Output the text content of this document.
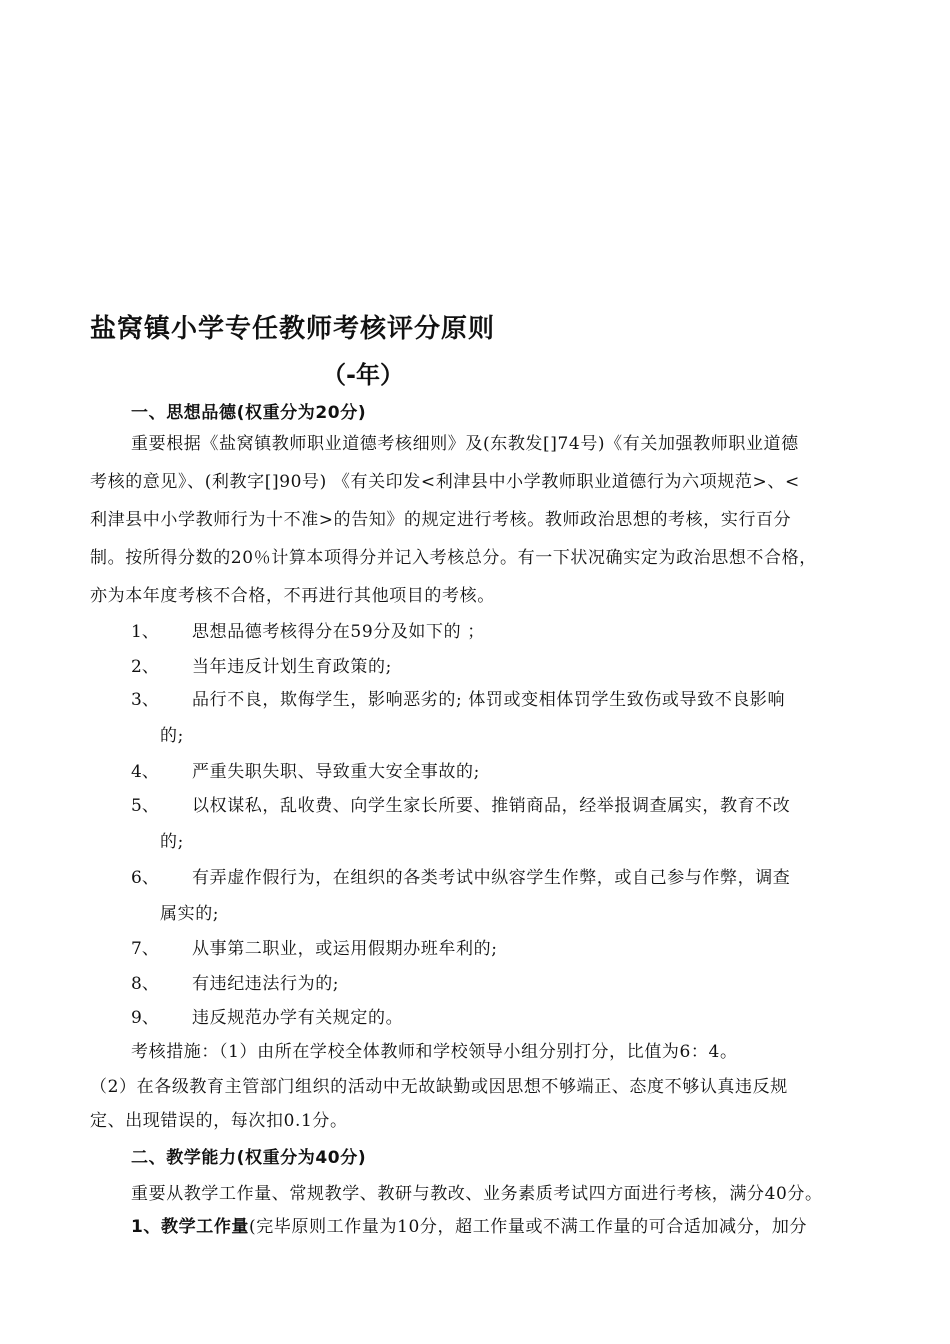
盐窝镇小学专任教师考核评分原则
（-年）
一、思想品德(权重分为20分)
重要根据《盐窝镇教师职业道德考核细则》及(东教发[]74号)《有关加强教师职业道德
考核的意见》、(利教字[]90号) 《有关印发<利津县中小学教师职业道德行为六项规范>、<
利津县中小学教师行为十不准>的告知》的规定进行考核。教师政治思想的考核，实行百分
制。按所得分数的20％计算本项得分并记入考核总分。有一下状况确实定为政治思想不合格，
亦为本年度考核不合格，不再进行其他项目的考核。
1、 思想品德考核得分在59分及如下的 ；
2、 当年违反计划生育政策的;
3、 品行不良，欺侮学生，影响恶劣的; 体罚或变相体罚学生致伤或导致不良影响
的;
4、 严重失职失职、导致重大安全事故的;
5、 以权谋私，乱收费、向学生家长所要、推销商品，经举报调查属实，教育不改
的;
6、 有弄虚作假行为，在组织的各类考试中纵容学生作弊，或自己参与作弊，调查
属实的;
7、 从事第二职业，或运用假期办班牟利的;
8、 有违纪违法行为的;
9、 违反规范办学有关规定的。
考核措施：（1）由所在学校全体教师和学校领导小组分别打分，比值为6：4。
（2）在各级教育主管部门组织的活动中无故缺勤或因思想不够端正、态度不够认真违反规
定、出现错误的，每次扣0.1分。
二、教学能力(权重分为40分)
重要从教学工作量、常规教学、教研与教改、业务素质考试四方面进行考核，满分40分。
1、教学工作量(完毕原则工作量为10分，超工作量或不满工作量的可合适加减分，加分
